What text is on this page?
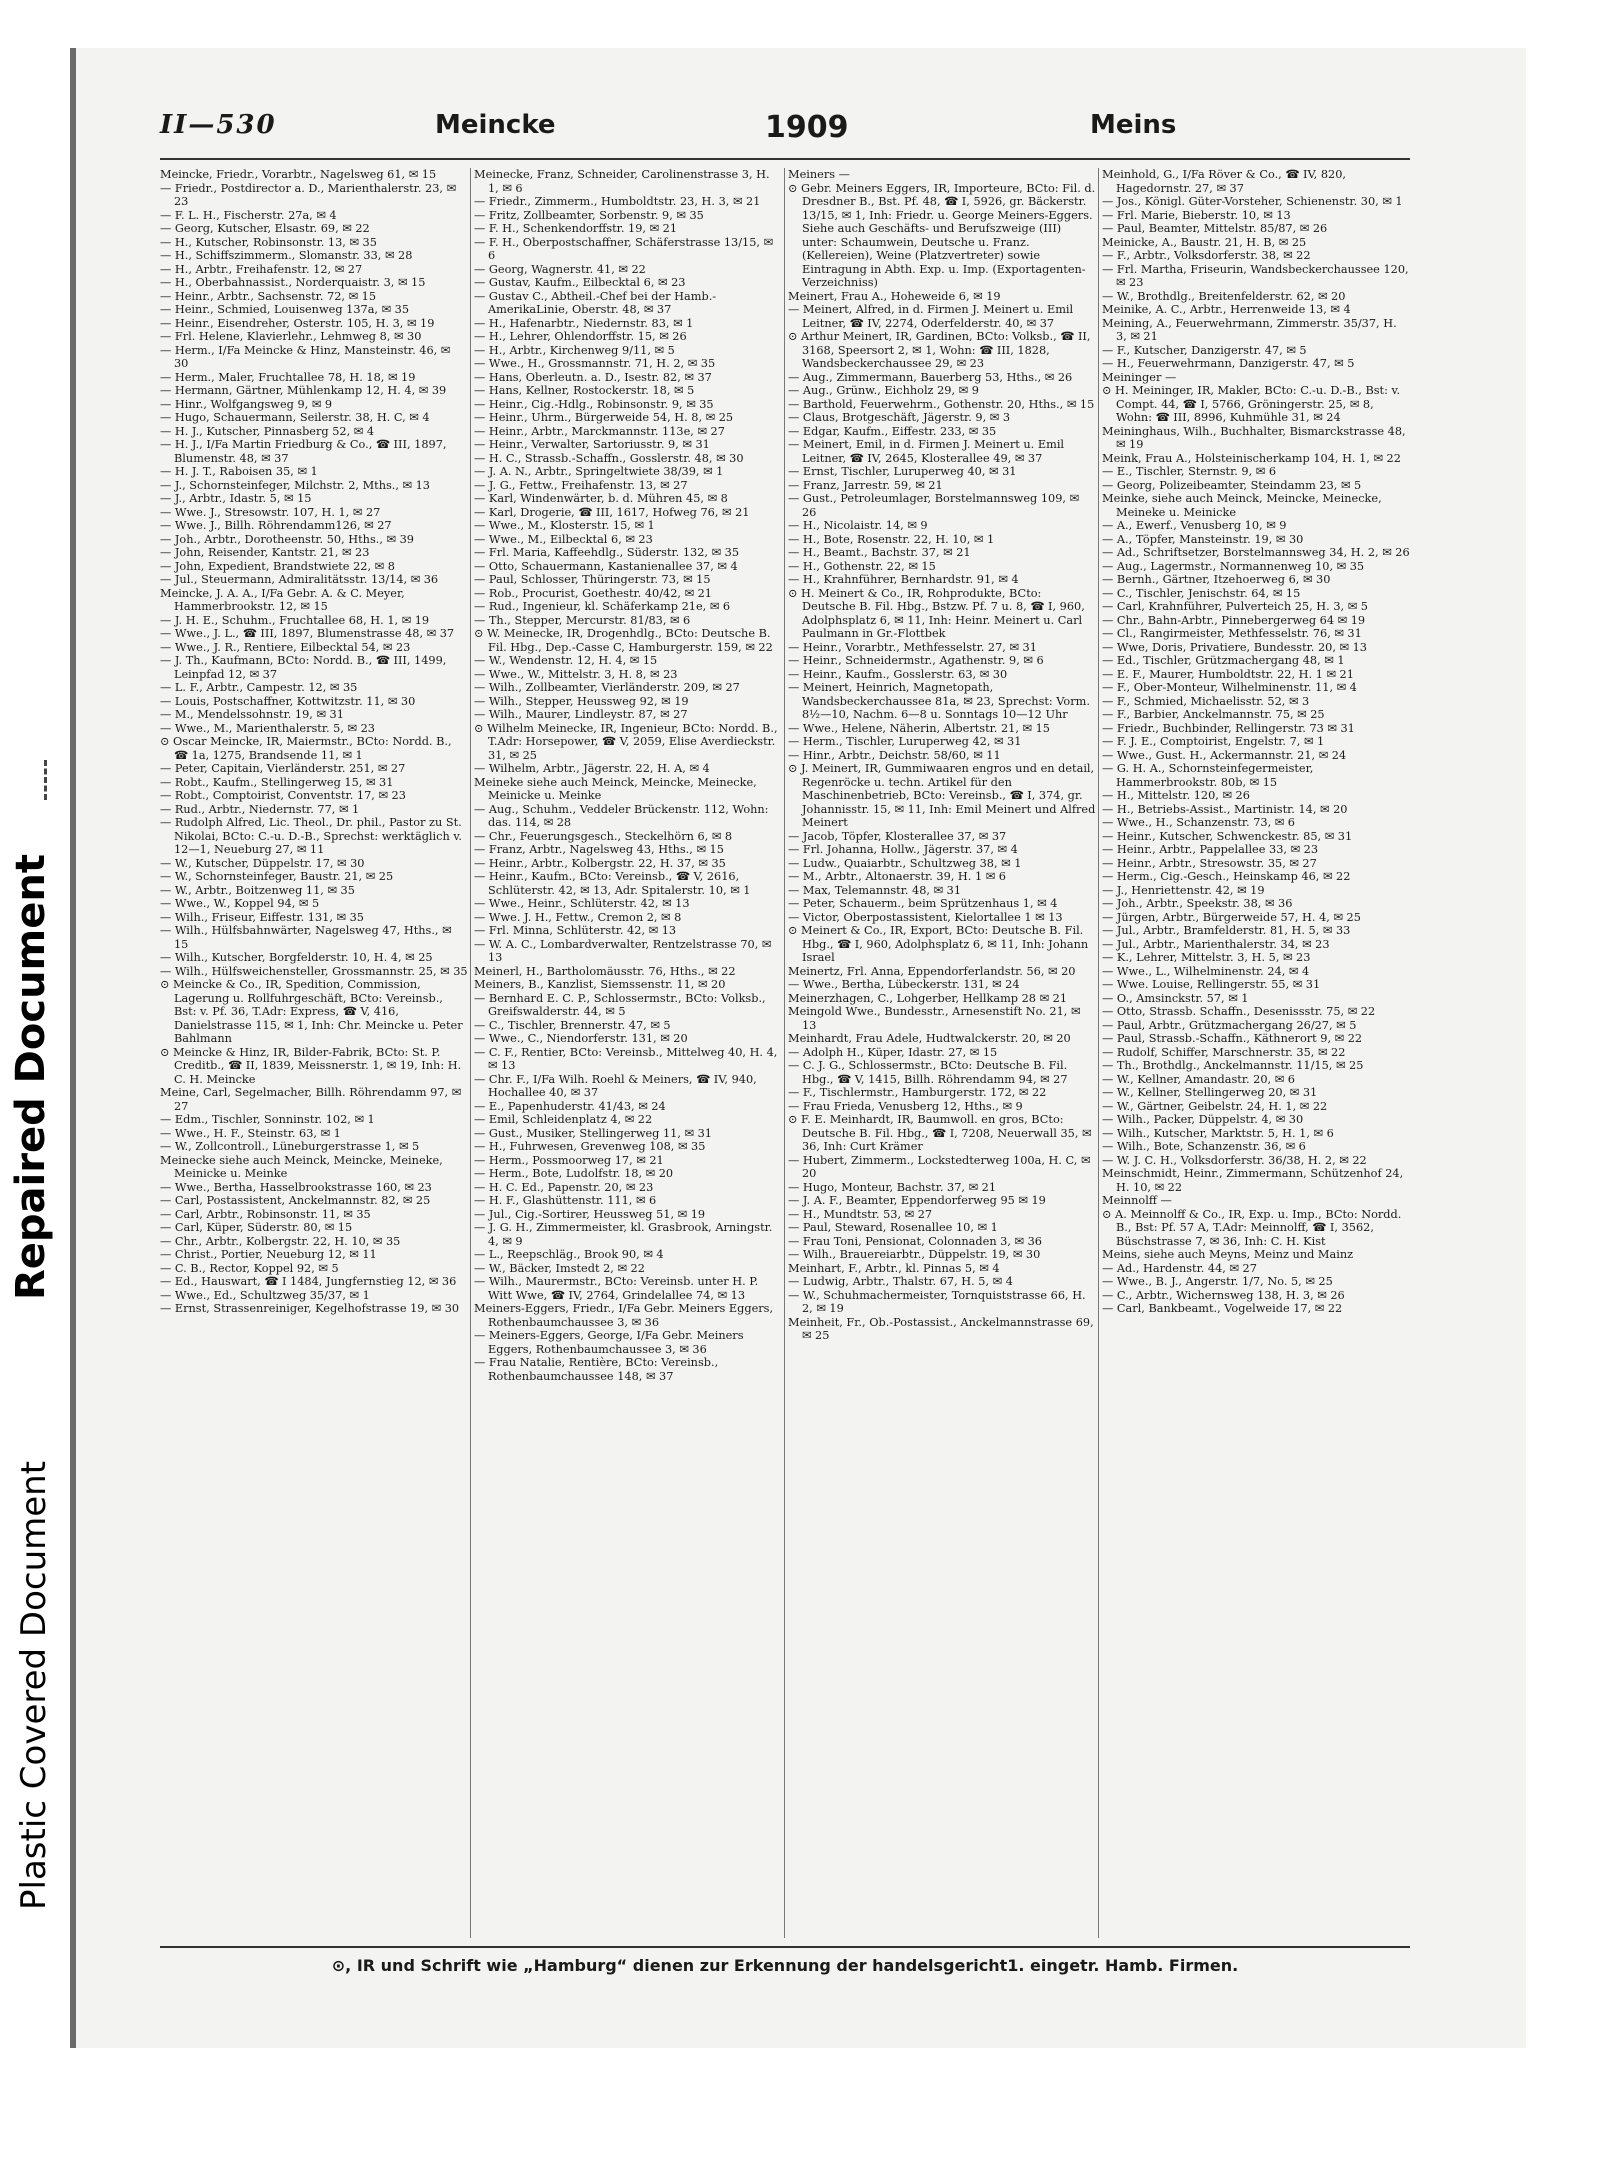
Repaired Document
Plastic Covered Document
II—530	Meincke	1909	Meins

Meincke, Friedr., Vorarbtr., Nagelsweg 61, ✉ 15

— Friedr., Postdirector a. D., Marienthalerstr. 23, ✉ 23

— F. L. H., Fischerstr. 27a, ✉ 4

— Georg, Kutscher, Elsastr. 69, ✉ 22

— H., Kutscher, Robinsonstr. 13, ✉ 35

— H., Schiffszimmerm., Slomanstr. 33, ✉ 28

— H., Arbtr., Freihafenstr. 12, ✉ 27

— H., Oberbahnassist., Norderquaistr. 3, ✉ 15

— Heinr., Arbtr., Sachsenstr. 72, ✉ 15

— Heinr., Schmied, Louisenweg 137a, ✉ 35

— Heinr., Eisendreher, Osterstr. 105, H. 3, ✉ 19

— Frl. Helene, Klavierlehr., Lehmweg 8, ✉ 30

— Herm., I/Fa Meincke & Hinz, Mansteinstr. 46, ✉ 30

— Herm., Maler, Fruchtallee 78, H. 18, ✉ 19

— Hermann, Gärtner, Mühlenkamp 12, H. 4, ✉ 39

— Hinr., Wolfgangsweg 9, ✉ 9

— Hugo, Schauermann, Seilerstr. 38, H. C, ✉ 4

— H. J., Kutscher, Pinnasberg 52, ✉ 4

— H. J., I/Fa Martin Friedburg & Co., ☎ III, 1897, Blumenstr. 48, ✉ 37

— H. J. T., Raboisen 35, ✉ 1

— J., Schornsteinfeger, Milchstr. 2, Mths., ✉ 13

— J., Arbtr., Idastr. 5, ✉ 15

— Wwe. J., Stresowstr. 107, H. 1, ✉ 27

— Wwe. J., Billh. Röhrendamm126, ✉ 27

— Joh., Arbtr., Dorotheenstr. 50, Hths., ✉ 39

— John, Reisender, Kantstr. 21, ✉ 23

— John, Expedient, Brandstwiete 22, ✉ 8

— Jul., Steuermann, Admiralitätsstr. 13/14, ✉ 36

Meincke, J. A. A., I/Fa Gebr. A. & C. Meyer, Hammerbrookstr. 12, ✉ 15

— J. H. E., Schuhm., Fruchtallee 68, H. 1, ✉ 19

— Wwe., J. L., ☎ III, 1897, Blumenstrasse 48, ✉ 37

— Wwe., J. R., Rentiere, Eilbecktal 54, ✉ 23

— J. Th., Kaufmann, BCto: Nordd. B., ☎ III, 1499, Leinpfad 12, ✉ 37

— L. F., Arbtr., Campestr. 12, ✉ 35

— Louis, Postschaffner, Kottwitzstr. 11, ✉ 30

— M., Mendelssohnstr. 19, ✉ 31

— Wwe., M., Marienthalerstr. 5, ✉ 23

⊙ Oscar Meincke, IR, Maiermstr., BCto: Nordd. B., ☎ 1a, 1275, Brandsende 11, ✉ 1

— Peter, Capitain, Vierländerstr. 251, ✉ 27

— Robt., Kaufm., Stellingerweg 15, ✉ 31

— Robt., Comptoirist, Conventstr. 17, ✉ 23

— Rud., Arbtr., Niedernstr. 77, ✉ 1

— Rudolph Alfred, Lic. Theol., Dr. phil., Pastor zu St. Nikolai, BCto: C.-u. D.-B., Sprechst: werktäglich v. 12—1, Neueburg 27, ✉ 11

— W., Kutscher, Düppelstr. 17, ✉ 30

— W., Schornsteinfeger, Baustr. 21, ✉ 25

— W., Arbtr., Boitzenweg 11, ✉ 35

— Wwe., W., Koppel 94, ✉ 5

— Wilh., Friseur, Eiffestr. 131, ✉ 35

— Wilh., Hülfsbahnwärter, Nagelsweg 47, Hths., ✉ 15

— Wilh., Kutscher, Borgfelderstr. 10, H. 4, ✉ 25

— Wilh., Hülfsweichensteller, Grossmannstr. 25, ✉ 35

⊙ Meincke & Co., IR, Spedition, Commission, Lagerung u. Rollfuhrgeschäft, BCto: Vereinsb., Bst: v. Pf. 36, T.Adr: Express, ☎ V, 416, Danielstrasse 115, ✉ 1, Inh: Chr. Meincke u. Peter Bahlmann

⊙ Meincke & Hinz, IR, Bilder-Fabrik, BCto: St. P. Creditb., ☎ II, 1839, Meissnerstr. 1, ✉ 19, Inh: H. C. H. Meincke

Meine, Carl, Segelmacher, Billh. Röhrendamm 97, ✉ 27

— Edm., Tischler, Sonninstr. 102, ✉ 1

— Wwe., H. F., Steinstr. 63, ✉ 1

— W., Zollcontroll., Lüneburgerstrasse 1, ✉ 5

Meinecke siehe auch Meinck, Meincke, Meineke, Meinicke u. Meinke

— Wwe., Bertha, Hasselbrookstrasse 160, ✉ 23

— Carl, Postassistent, Anckelmannstr. 82, ✉ 25

— Carl, Arbtr., Robinsonstr. 11, ✉ 35

— Carl, Küper, Süderstr. 80, ✉ 15

— Chr., Arbtr., Kolbergstr. 22, H. 10, ✉ 35

— Christ., Portier, Neueburg 12, ✉ 11

— C. B., Rector, Koppel 92, ✉ 5

— Ed., Hauswart, ☎ I 1484, Jungfernstieg 12, ✉ 36

— Wwe., Ed., Schultzweg 35/37, ✉ 1

— Ernst, Strassenreiniger, Kegelhofstrasse 19, ✉ 30

Meinecke, Franz, Schneider, Carolinenstrasse 3, H. 1, ✉ 6

— Friedr., Zimmerm., Humboldtstr. 23, H. 3, ✉ 21

— Fritz, Zollbeamter, Sorbenstr. 9, ✉ 35

— F. H., Schenkendorffstr. 19, ✉ 21

— F. H., Oberpostschaffner, Schäferstrasse 13/15, ✉ 6

— Georg, Wagnerstr. 41, ✉ 22

— Gustav, Kaufm., Eilbecktal 6, ✉ 23

— Gustav C., Abtheil.-Chef bei der Hamb.-AmerikaLinie, Oberstr. 48, ✉ 37

— H., Hafenarbtr., Niedernstr. 83, ✉ 1

— H., Lehrer, Ohlendorffstr. 15, ✉ 26

— H., Arbtr., Kirchenweg 9/11, ✉ 5

— Wwe., H., Grossmannstr. 71, H. 2, ✉ 35

— Hans, Oberleutn. a. D., Isestr. 82, ✉ 37

— Hans, Kellner, Rostockerstr. 18, ✉ 5

— Heinr., Cig.-Hdlg., Robinsonstr. 9, ✉ 35

— Heinr., Uhrm., Bürgerweide 54, H. 8, ✉ 25

— Heinr., Arbtr., Marckmannstr. 113e, ✉ 27

— Heinr., Verwalter, Sartoriusstr. 9, ✉ 31

— H. C., Strassb.-Schaffn., Gosslerstr. 48, ✉ 30

— J. A. N., Arbtr., Springeltwiete 38/39, ✉ 1

— J. G., Fettw., Freihafenstr. 13, ✉ 27

— Karl, Windenwärter, b. d. Mühren 45, ✉ 8

— Karl, Drogerie, ☎ III, 1617, Hofweg 76, ✉ 21

— Wwe., M., Klosterstr. 15, ✉ 1

— Wwe., M., Eilbecktal 6, ✉ 23

— Frl. Maria, Kaffeehdlg., Süderstr. 132, ✉ 35

— Otto, Schauermann, Kastanienallee 37, ✉ 4

— Paul, Schlosser, Thüringerstr. 73, ✉ 15

— Rob., Procurist, Goethestr. 40/42, ✉ 21

— Rud., Ingenieur, kl. Schäferkamp 21e, ✉ 6

— Th., Stepper, Mercurstr. 81/83, ✉ 6

⊙ W. Meinecke, IR, Drogenhdlg., BCto: Deutsche B. Fil. Hbg., Dep.-Casse C, Hamburgerstr. 159, ✉ 22

— W., Wendenstr. 12, H. 4, ✉ 15

— Wwe., W., Mittelstr. 3, H. 8, ✉ 23

— Wilh., Zollbeamter, Vierländerstr. 209, ✉ 27

— Wilh., Stepper, Heussweg 92, ✉ 19

— Wilh., Maurer, Lindleystr. 87, ✉ 27

⊙ Wilhelm Meinecke, IR, Ingenieur, BCto: Nordd. B., T.Adr: Horsepower, ☎ V, 2059, Elise Averdieckstr. 31, ✉ 25

— Wilhelm, Arbtr., Jägerstr. 22, H. A, ✉ 4

Meineke siehe auch Meinck, Meincke, Meinecke, Meinicke u. Meinke

— Aug., Schuhm., Veddeler Brückenstr. 112, Wohn: das. 114, ✉ 28

— Chr., Feuerungsgesch., Steckelhörn 6, ✉ 8

— Franz, Arbtr., Nagelsweg 43, Hths., ✉ 15

— Heinr., Arbtr., Kolbergstr. 22, H. 37, ✉ 35

— Heinr., Kaufm., BCto: Vereinsb., ☎ V, 2616, Schlüterstr. 42, ✉ 13, Adr. Spitalerstr. 10, ✉ 1

— Wwe., Heinr., Schlüterstr. 42, ✉ 13

— Wwe. J. H., Fettw., Cremon 2, ✉ 8

— Frl. Minna, Schlüterstr. 42, ✉ 13

— W. A. C., Lombardverwalter, Rentzelstrasse 70, ✉ 13

Meinerl, H., Bartholomäusstr. 76, Hths., ✉ 22

Meiners, B., Kanzlist, Siemssenstr. 11, ✉ 20

— Bernhard E. C. P., Schlossermstr., BCto: Volksb., Greifswalderstr. 44, ✉ 5

— C., Tischler, Brennerstr. 47, ✉ 5

— Wwe., C., Niendorferstr. 131, ✉ 20

— C. F., Rentier, BCto: Vereinsb., Mittelweg 40, H. 4, ✉ 13

— Chr. F., I/Fa Wilh. Roehl & Meiners, ☎ IV, 940, Hochallee 40, ✉ 37

— E., Papenhuderstr. 41/43, ✉ 24

— Emil, Schleidenplatz 4, ✉ 22

— Gust., Musiker, Stellingerweg 11, ✉ 31

— H., Fuhrwesen, Grevenweg 108, ✉ 35

— Herm., Possmoorweg 17, ✉ 21

— Herm., Bote, Ludolfstr. 18, ✉ 20

— H. C. Ed., Papenstr. 20, ✉ 23

— H. F., Glashüttenstr. 111, ✉ 6

— Jul., Cig.-Sortirer, Heussweg 51, ✉ 19

— J. G. H., Zimmermeister, kl. Grasbrook, Arningstr. 4, ✉ 9

— L., Reepschläg., Brook 90, ✉ 4

— W., Bäcker, Imstedt 2, ✉ 22

— Wilh., Maurermstr., BCto: Vereinsb. unter H. P. Witt Wwe, ☎ IV, 2764, Grindelallee 74, ✉ 13

Meiners-Eggers, Friedr., I/Fa Gebr. Meiners Eggers, Rothenbaumchaussee 3, ✉ 36

— Meiners-Eggers, George, I/Fa Gebr. Meiners Eggers, Rothenbaumchaussee 3, ✉ 36

— Frau Natalie, Rentière, BCto: Vereinsb., Rothenbaumchaussee 148, ✉ 37

Meiners —

⊙ Gebr. Meiners Eggers, IR, Importeure, BCto: Fil. d. Dresdner B., Bst. Pf. 48, ☎ I, 5926, gr. Bäckerstr. 13/15, ✉ 1, Inh: Friedr. u. George Meiners-Eggers. Siehe auch Geschäfts- und Berufszweige (III) unter: Schaumwein, Deutsche u. Franz. (Kellereien), Weine (Platzvertreter) sowie Eintragung in Abth. Exp. u. Imp. (Exportagenten-Verzeichniss)

Meinert, Frau A., Hoheweide 6, ✉ 19

— Meinert, Alfred, in d. Firmen J. Meinert u. Emil Leitner, ☎ IV, 2274, Oderfelderstr. 40, ✉ 37

⊙ Arthur Meinert, IR, Gardinen, BCto: Volksb., ☎ II, 3168, Speersort 2, ✉ 1, Wohn: ☎ III, 1828, Wandsbeckerchaussee 29, ✉ 23

— Aug., Zimmermann, Bauerberg 53, Hths., ✉ 26

— Aug., Grünw., Eichholz 29, ✉ 9

— Barthold, Feuerwehrm., Gothenstr. 20, Hths., ✉ 15

— Claus, Brotgeschäft, Jägerstr. 9, ✉ 3

— Edgar, Kaufm., Eiffestr. 233, ✉ 35

— Meinert, Emil, in d. Firmen J. Meinert u. Emil Leitner, ☎ IV, 2645, Klosterallee 49, ✉ 37

— Ernst, Tischler, Luruperweg 40, ✉ 31

— Franz, Jarrestr. 59, ✉ 21

— Gust., Petroleumlager, Borstelmannsweg 109, ✉ 26

— H., Nicolaistr. 14, ✉ 9

— H., Bote, Rosenstr. 22, H. 10, ✉ 1

— H., Beamt., Bachstr. 37, ✉ 21

— H., Gothenstr. 22, ✉ 15

— H., Krahnführer, Bernhardstr. 91, ✉ 4

⊙ H. Meinert & Co., IR, Rohprodukte, BCto: Deutsche B. Fil. Hbg., Bstzw. Pf. 7 u. 8, ☎ I, 960, Adolphsplatz 6, ✉ 11, Inh: Heinr. Meinert u. Carl Paulmann in Gr.-Flottbek

— Heinr., Vorarbtr., Methfesselstr. 27, ✉ 31

— Heinr., Schneidermstr., Agathenstr. 9, ✉ 6

— Heinr., Kaufm., Gosslerstr. 63, ✉ 30

— Meinert, Heinrich, Magnetopath, Wandsbeckerchaussee 81a, ✉ 23, Sprechst: Vorm. 8½—10, Nachm. 6—8 u. Sonntags 10—12 Uhr

— Wwe., Helene, Näherin, Albertstr. 21, ✉ 15

— Herm., Tischler, Luruperweg 42, ✉ 31

— Hinr., Arbtr., Deichstr. 58/60, ✉ 11

⊙ J. Meinert, IR, Gummiwaaren engros und en detail, Regenröcke u. techn. Artikel für den Maschinenbetrieb, BCto: Vereinsb., ☎ I, 374, gr. Johannisstr. 15, ✉ 11, Inh: Emil Meinert und Alfred Meinert

— Jacob, Töpfer, Klosterallee 37, ✉ 37

— Frl. Johanna, Hollw., Jägerstr. 37, ✉ 4

— Ludw., Quaiarbtr., Schultzweg 38, ✉ 1

— M., Arbtr., Altonaerstr. 39, H. 1 ✉ 6

— Max, Telemannstr. 48, ✉ 31

— Peter, Schauerm., beim Sprützenhaus 1, ✉ 4

— Victor, Oberpostassistent, Kielortallee 1 ✉ 13

⊙ Meinert & Co., IR, Export, BCto: Deutsche B. Fil. Hbg., ☎ I, 960, Adolphsplatz 6, ✉ 11, Inh: Johann Israel

Meinertz, Frl. Anna, Eppendorferlandstr. 56, ✉ 20

— Wwe., Bertha, Lübeckerstr. 131, ✉ 24

Meinerzhagen, C., Lohgerber, Hellkamp 28 ✉ 21

Meingold Wwe., Bundesstr., Arnesenstift No. 21, ✉ 13

Meinhardt, Frau Adele, Hudtwalckerstr. 20, ✉ 20

— Adolph H., Küper, Idastr. 27, ✉ 15

— C. J. G., Schlossermstr., BCto: Deutsche B. Fil. Hbg., ☎ V, 1415, Billh. Röhrendamm 94, ✉ 27

— F., Tischlermstr., Hamburgerstr. 172, ✉ 22

— Frau Frieda, Venusberg 12, Hths., ✉ 9

⊙ F. E. Meinhardt, IR, Baumwoll. en gros, BCto: Deutsche B. Fil. Hbg., ☎ I, 7208, Neuerwall 35, ✉ 36, Inh: Curt Krämer

— Hubert, Zimmerm., Lockstedterweg 100a, H. C, ✉ 20

— Hugo, Monteur, Bachstr. 37, ✉ 21

— J. A. F., Beamter, Eppendorferweg 95 ✉ 19

— H., Mundtstr. 53, ✉ 27

— Paul, Steward, Rosenallee 10, ✉ 1

— Frau Toni, Pensionat, Colonnaden 3, ✉ 36

— Wilh., Brauereiarbtr., Düppelstr. 19, ✉ 30

Meinhart, F., Arbtr., kl. Pinnas 5, ✉ 4

— Ludwig, Arbtr., Thalstr. 67, H. 5, ✉ 4

— W., Schuhmachermeister, Tornquiststrasse 66, H. 2, ✉ 19

Meinheit, Fr., Ob.-Postassist., Anckelmannstrasse 69, ✉ 25

Meinhold, G., I/Fa Röver & Co., ☎ IV, 820, Hagedornstr. 27, ✉ 37

— Jos., Königl. Güter-Vorsteher, Schienenstr. 30, ✉ 1

— Frl. Marie, Bieberstr. 10, ✉ 13

— Paul, Beamter, Mittelstr. 85/87, ✉ 26

Meinicke, A., Baustr. 21, H. B, ✉ 25

— F., Arbtr., Volksdorferstr. 38, ✉ 22

— Frl. Martha, Friseurin, Wandsbeckerchaussee 120, ✉ 23

— W., Brothdlg., Breitenfelderstr. 62, ✉ 20

Meinike, A. C., Arbtr., Herrenweide 13, ✉ 4

Meining, A., Feuerwehrmann, Zimmerstr. 35/37, H. 3, ✉ 21

— F., Kutscher, Danzigerstr. 47, ✉ 5

— H., Feuerwehrmann, Danzigerstr. 47, ✉ 5

Meininger —

⊙ H. Meininger, IR, Makler, BCto: C.-u. D.-B., Bst: v. Compt. 44, ☎ I, 5766, Gröningerstr. 25, ✉ 8, Wohn: ☎ III, 8996, Kuhmühle 31, ✉ 24

Meininghaus, Wilh., Buchhalter, Bismarckstrasse 48, ✉ 19

Meink, Frau A., Holsteinischerkamp 104, H. 1, ✉ 22

— E., Tischler, Sternstr. 9, ✉ 6

— Georg, Polizeibeamter, Steindamm 23, ✉ 5

Meinke, siehe auch Meinck, Meincke, Meinecke, Meineke u. Meinicke

— A., Ewerf., Venusberg 10, ✉ 9

— A., Töpfer, Mansteinstr. 19, ✉ 30

— Ad., Schriftsetzer, Borstelmannsweg 34, H. 2, ✉ 26

— Aug., Lagermstr., Normannenweg 10, ✉ 35

— Bernh., Gärtner, Itzehoerweg 6, ✉ 30

— C., Tischler, Jenischstr. 64, ✉ 15

— Carl, Krahnführer, Pulverteich 25, H. 3, ✉ 5

— Chr., Bahn-Arbtr., Pinnebergerweg 64 ✉ 19

— Cl., Rangirmeister, Methfesselstr. 76, ✉ 31

— Wwe, Doris, Privatiere, Bundesstr. 20, ✉ 13

— Ed., Tischler, Grützmachergang 48, ✉ 1

— E. F., Maurer, Humboldtstr. 22, H. 1 ✉ 21

— F., Ober-Monteur, Wilhelminenstr. 11, ✉ 4

— F., Schmied, Michaelisstr. 52, ✉ 3

— F., Barbier, Anckelmannstr. 75, ✉ 25

— Friedr., Buchbinder, Rellingerstr. 73 ✉ 31

— F. J. E., Comptoirist, Engelstr. 7, ✉ 1

— Wwe., Gust. H., Ackermannstr. 21, ✉ 24

— G. H. A., Schornsteinfegermeister, Hammerbrookstr. 80b, ✉ 15

— H., Mittelstr. 120, ✉ 26

— H., Betriebs-Assist., Martinistr. 14, ✉ 20

— Wwe., H., Schanzenstr. 73, ✉ 6

— Heinr., Kutscher, Schwenckestr. 85, ✉ 31

— Heinr., Arbtr., Pappelallee 33, ✉ 23

— Heinr., Arbtr., Stresowstr. 35, ✉ 27

— Herm., Cig.-Gesch., Heinskamp 46, ✉ 22

— J., Henriettenstr. 42, ✉ 19

— Joh., Arbtr., Speekstr. 38, ✉ 36

— Jürgen, Arbtr., Bürgerweide 57, H. 4, ✉ 25

— Jul., Arbtr., Bramfelderstr. 81, H. 5, ✉ 33

— Jul., Arbtr., Marienthalerstr. 34, ✉ 23

— K., Lehrer, Mittelstr. 3, H. 5, ✉ 23

— Wwe., L., Wilhelminenstr. 24, ✉ 4

— Wwe. Louise, Rellingerstr. 55, ✉ 31

— O., Amsinckstr. 57, ✉ 1

— Otto, Strassb. Schaffn., Desenissstr. 75, ✉ 22

— Paul, Arbtr., Grützmachergang 26/27, ✉ 5

— Paul, Strassb.-Schaffn., Käthnerort 9, ✉ 22

— Rudolf, Schiffer, Marschnerstr. 35, ✉ 22

— Th., Brothdlg., Anckelmannstr. 11/15, ✉ 25

— W., Kellner, Amandastr. 20, ✉ 6

— W., Kellner, Stellingerweg 20, ✉ 31

— W., Gärtner, Geibelstr. 24, H. 1, ✉ 22

— Wilh., Packer, Düppelstr. 4, ✉ 30

— Wilh., Kutscher, Marktstr. 5, H. 1, ✉ 6

— Wilh., Bote, Schanzenstr. 36, ✉ 6

— W. J. C. H., Volksdorferstr. 36/38, H. 2, ✉ 22

Meinschmidt, Heinr., Zimmermann, Schützenhof 24, H. 10, ✉ 22

Meinnolff —

⊙ A. Meinnolff & Co., IR, Exp. u. Imp., BCto: Nordd. B., Bst: Pf. 57 A, T.Adr: Meinnolff, ☎ I, 3562, Büschstrasse 7, ✉ 36, Inh: C. H. Kist

Meins, siehe auch Meyns, Meinz und Mainz

— Ad., Hardenstr. 44, ✉ 27

— Wwe., B. J., Angerstr. 1/7, No. 5, ✉ 25

— C., Arbtr., Wichernsweg 138, H. 3, ✉ 26

— Carl, Bankbeamt., Vogelweide 17, ✉ 22

⊙, IR und Schrift wie „Hamburg“ dienen zur Erkennung der handelsgericht1. eingetr. Hamb. Firmen.
